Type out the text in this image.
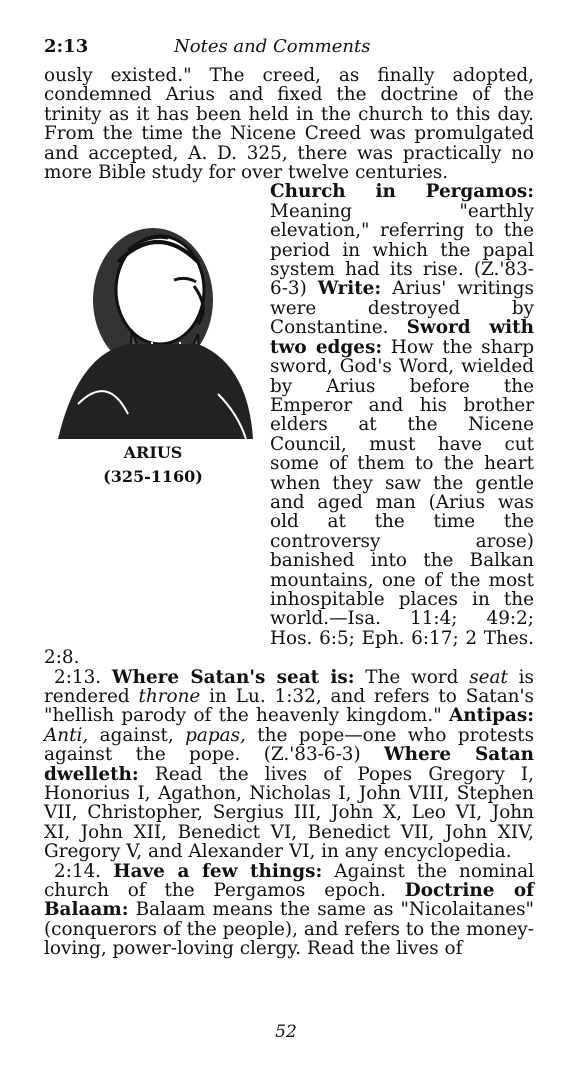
2:13	Notes and Comments

ously existed." The creed, as finally adopted, condemned Arius and fixed the doctrine of the trinity as it has been held in the church to this day. From the time the Nicene Creed was promulgated and accepted, A. D. 325, there was practically no more Bible study for over twelve centuries.

ARIUS
(325-1160)

Church in Pergamos: Meaning "earthly elevation," referring to the period in which the papal system had its rise. (Z.'83-6-3) Write: Arius' writings were destroyed by Constantine. Sword with two edges: How the sharp sword, God's Word, wielded by Arius before the Emperor and his brother elders at the Nicene Council, must have cut some of them to the heart when they saw the gentle and aged man (Arius was old at the time the controversy arose) banished into the Balkan mountains, one of the most inhospitable places in the world.—Isa. 11:4; 49:2; Hos. 6:5; Eph. 6:17; 2 Thes. 2:8.

2:13. Where Satan's seat is: The word seat is rendered throne in Lu. 1:32, and refers to Satan's "hellish parody of the heavenly kingdom." Antipas: Anti, against, papas, the pope—one who protests against the pope. (Z.'83-6-3) Where Satan dwelleth: Read the lives of Popes Gregory I, Honorius I, Agathon, Nicholas I, John VIII, Stephen VII, Christopher, Sergius III, John X, Leo VI, John XI, John XII, Benedict VI, Benedict VII, John XIV, Gregory V, and Alexander VI, in any encyclopedia.

2:14. Have a few things: Against the nominal church of the Pergamos epoch. Doctrine of Balaam: Balaam means the same as "Nicolaitanes" (conquerors of the people), and refers to the money-loving, power-loving clergy. Read the lives of

52
